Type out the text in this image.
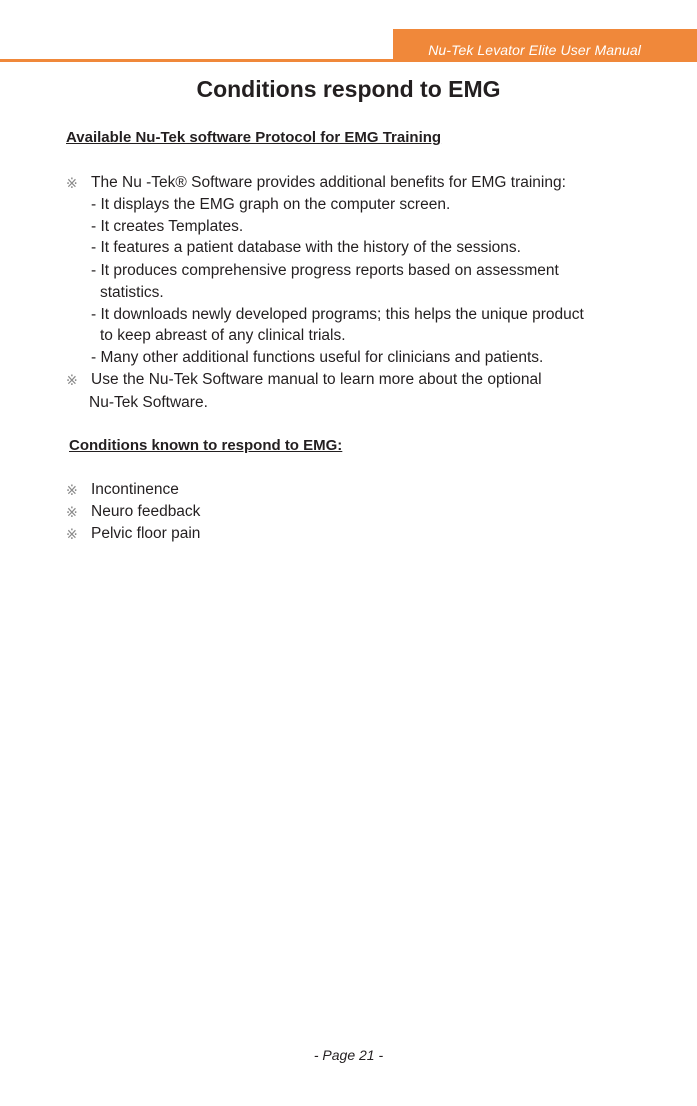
Nu-Tek Levator Elite User Manual
Conditions respond to EMG
Available Nu-Tek software Protocol for EMG Training
※ The Nu -Tek® Software provides additional benefits for EMG training:
- It displays the EMG graph on the computer screen.
- It creates Templates.
- It features a patient database with the history of the sessions.
- It produces comprehensive progress reports based on assessment
statistics.
- It downloads newly developed programs; this helps the unique product
to keep abreast of any clinical trials.
- Many other additional functions useful for clinicians and patients.
※ Use the Nu-Tek Software manual to learn more about the optional
Nu-Tek Software.
Conditions known to respond to EMG:
※ Incontinence
※ Neuro feedback
※ Pelvic floor pain
- Page 21 -
